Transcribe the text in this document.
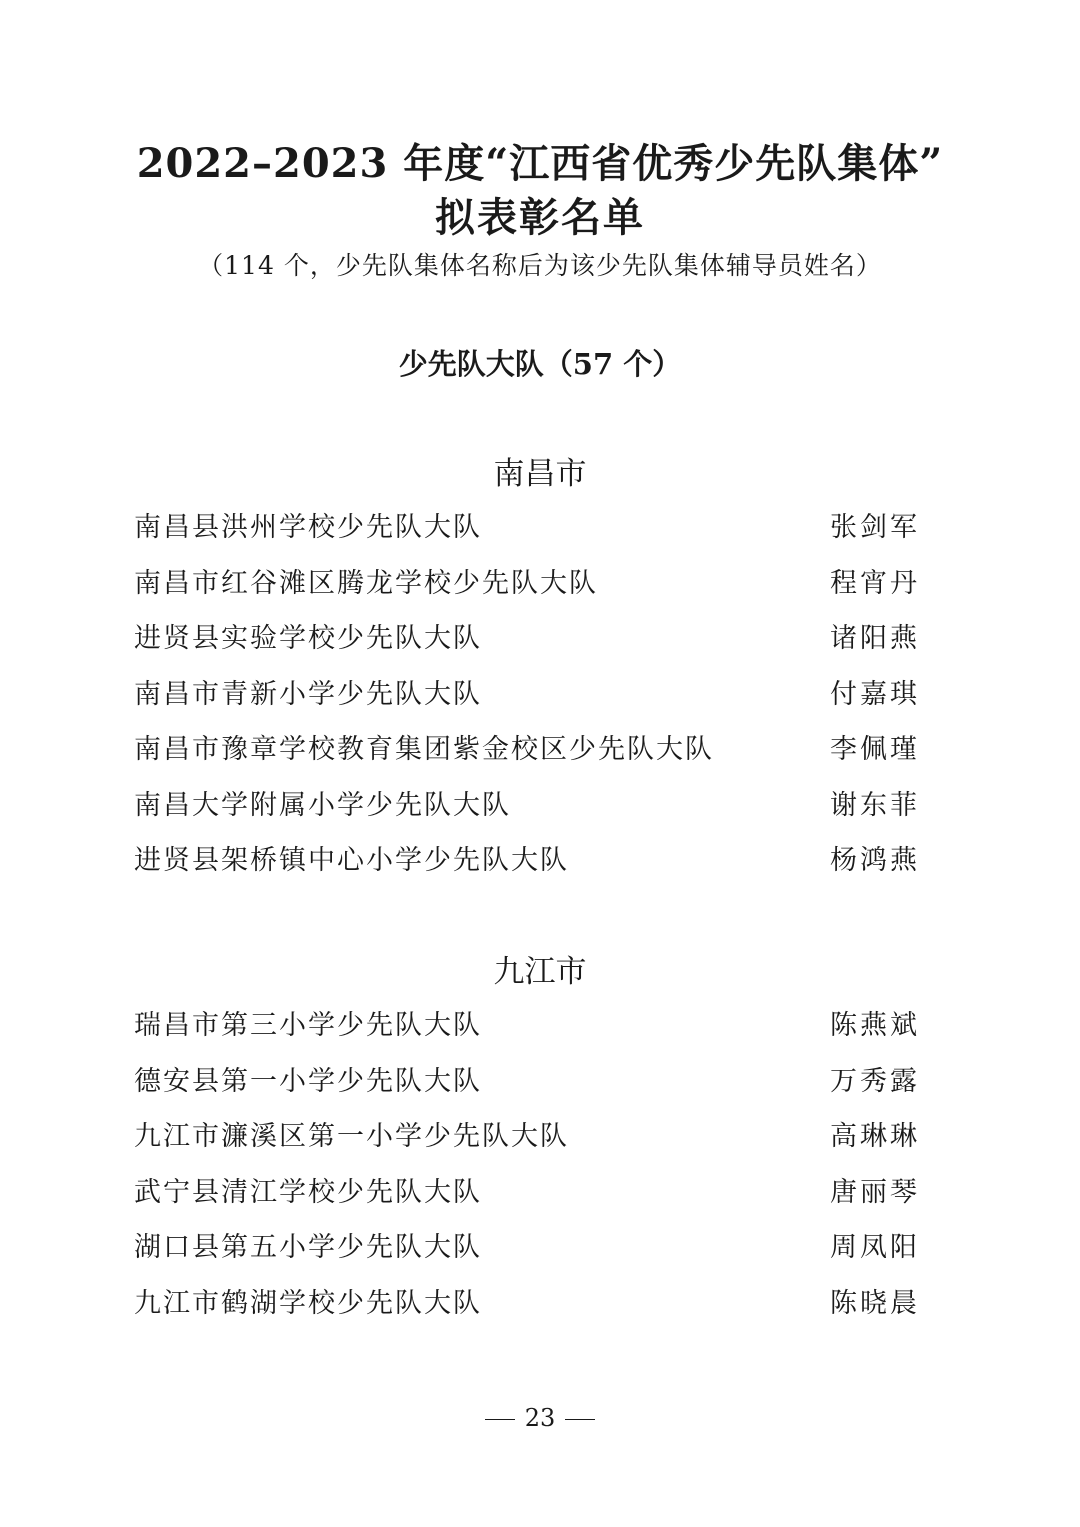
2022–2023 年度“江西省优秀少先队集体”
拟表彰名单
（114 个，少先队集体名称后为该少先队集体辅导员姓名）
少先队大队（57 个）
南昌市
南昌县洪州学校少先队大队	张剑军
南昌市红谷滩区腾龙学校少先队大队	程宵丹
进贤县实验学校少先队大队	诸阳燕
南昌市青新小学少先队大队	付嘉琪
南昌市豫章学校教育集团紫金校区少先队大队	李佩瑾
南昌大学附属小学少先队大队	谢东菲
进贤县架桥镇中心小学少先队大队	杨鸿燕
九江市
瑞昌市第三小学少先队大队	陈燕斌
德安县第一小学少先队大队	万秀露
九江市濂溪区第一小学少先队大队	高琳琳
武宁县清江学校少先队大队	唐丽琴
湖口县第五小学少先队大队	周凤阳
九江市鹤湖学校少先队大队	陈晓晨
23
